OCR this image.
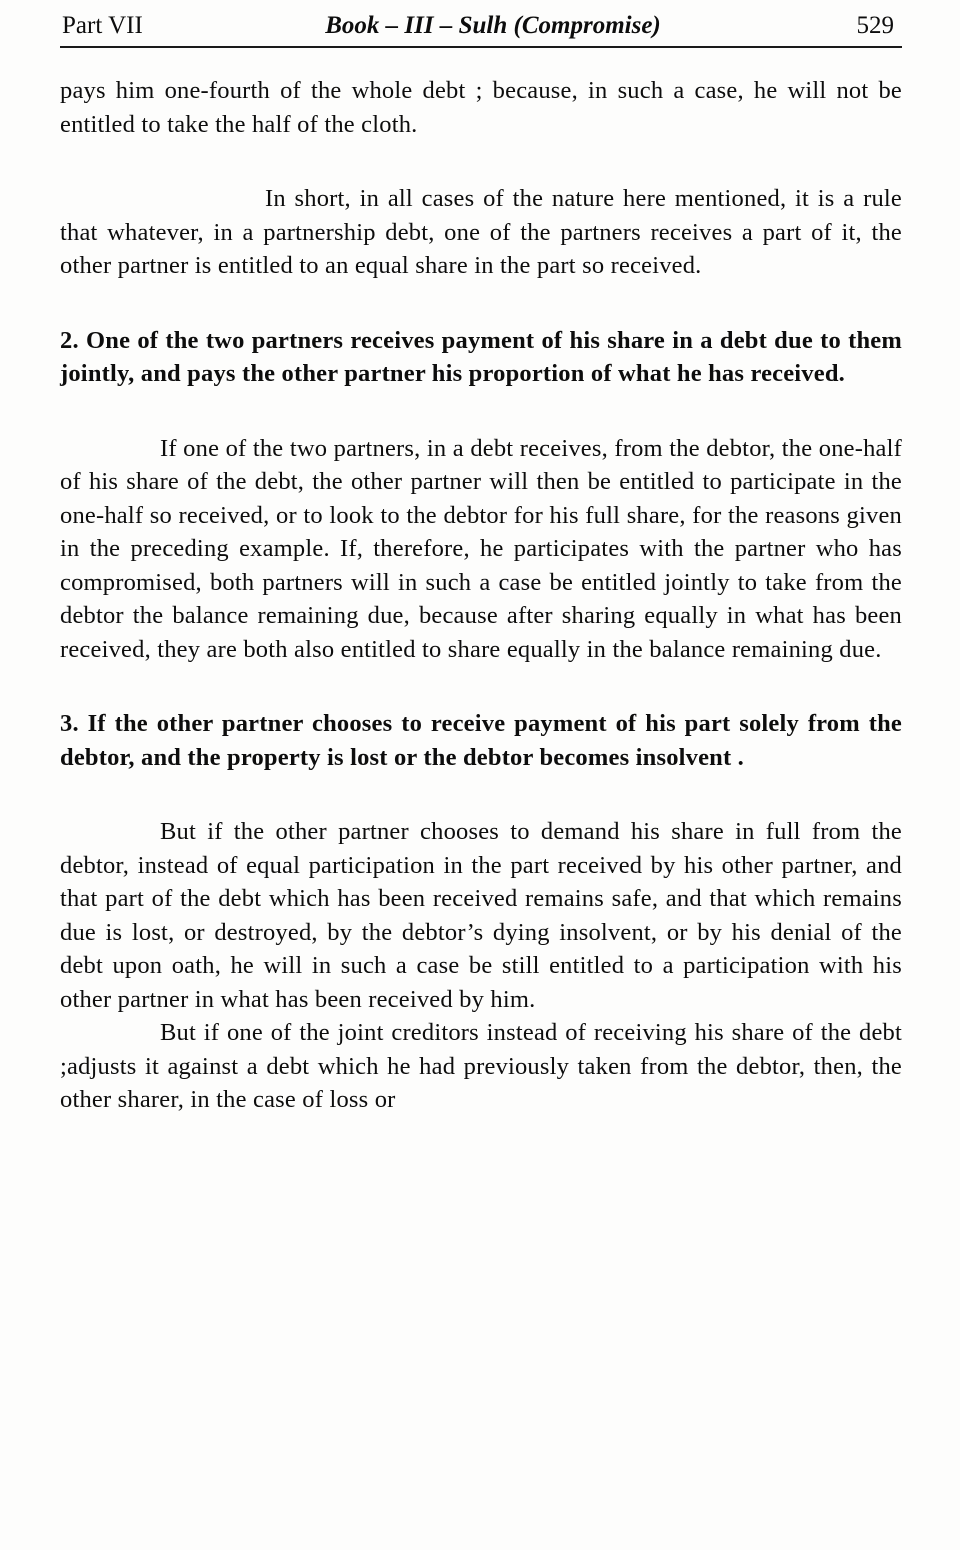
Part VII	Book – III – Sulh (Compromise)	529

pays him one-fourth of the whole debt ; because, in such a case, he will not be entitled to take the half of the cloth.

In short, in all cases of the nature here mentioned, it is a rule that whatever, in a partnership debt, one of the partners receives a part of it, the other partner is entitled to an equal share in the part so received.

2. One of the two partners receives payment of his share in a debt due to them jointly, and pays the other partner his proportion of what he has received.

If one of the two partners, in a debt receives, from the debtor, the one-half of his share of the debt, the other partner will then be entitled to participate in the one-half so received, or to look to the debtor for his full share, for the reasons given in the preceding example. If, therefore, he participates with the partner who has compromised, both partners will in such a case be entitled jointly to take from the debtor the balance remaining due, because after sharing equally in what has been received, they are both also entitled to share equally in the balance remaining due.

3. If the other partner chooses to receive payment of his part solely from the debtor, and the property is lost or the debtor becomes insolvent .

But if the other partner chooses to demand his share in full from the debtor, instead of equal participation in the part received by his other partner, and that part of the debt which has been received remains safe, and that which remains due is lost, or destroyed, by the debtor’s dying insolvent, or by his denial of the debt upon oath, he will in such a case be still entitled to a participation with his other partner in what has been received by him.

But if one of the joint creditors instead of receiving his share of the debt ;adjusts it against a debt which he had previously taken from the debtor, then, the other sharer, in the case of loss or
